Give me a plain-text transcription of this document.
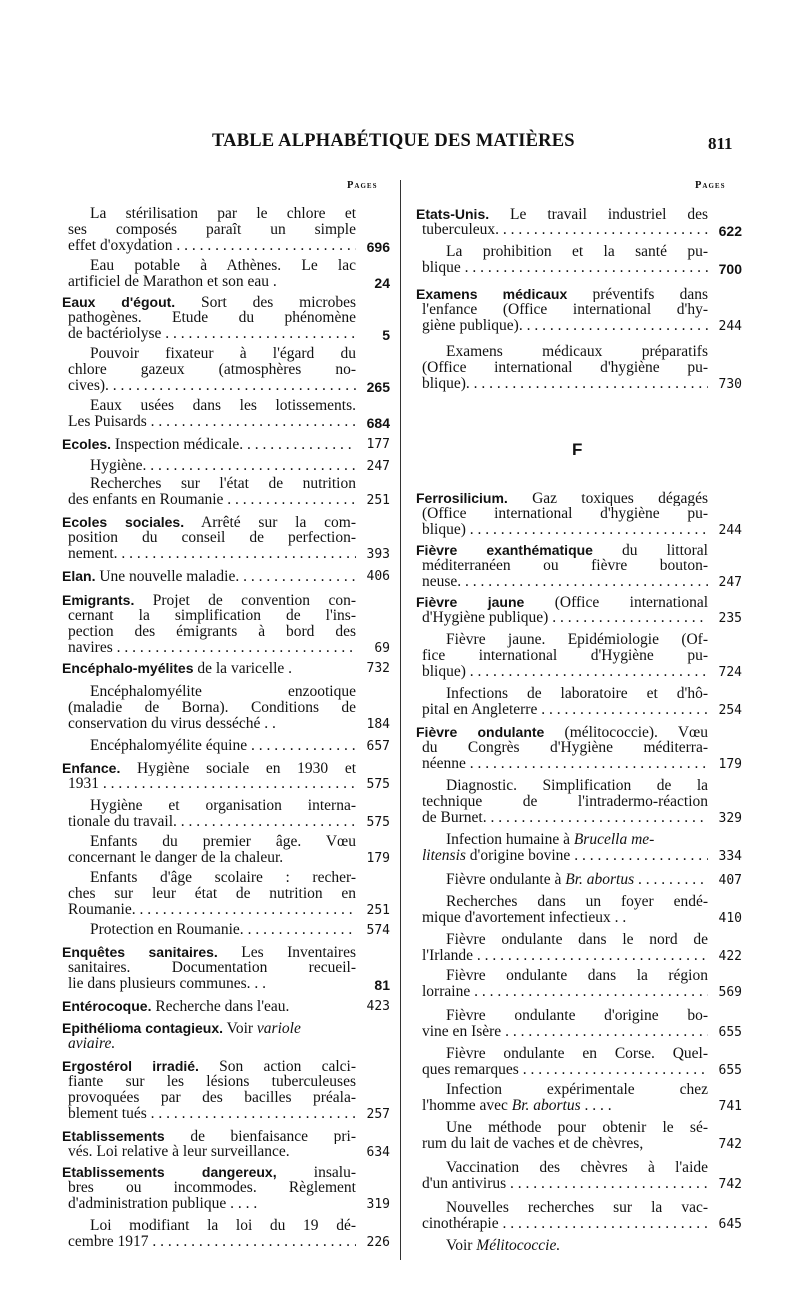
TABLE ALPHABÉTIQUE DES MATIÈRES	811
Pages	Pages
F
La stérilisation par le chlore et
ses composés paraît un simple
effet d'oxydation . . .	696
Eau potable à Athènes. Le lac
artificiel de Marathon et son eau .	24
Eaux d'égout. Sort des microbes
pathogènes. Etude du phénomène
de bactériolyse . . .	5
Pouvoir fixateur à l'égard du
chlore gazeux (atmosphères no-
cives). . . .	265
Eaux usées dans les lotissements.
Les Puisards . . .	684
Ecoles. Inspection médicale. . . .	177
Hygiène. . . .	247
Recherches sur l'état de nutrition
des enfants en Roumanie . . .	251
Ecoles sociales. Arrêté sur la com-
position du conseil de perfection-
nement. . . .	393
Elan. Une nouvelle maladie. . . .	406
Emigrants. Projet de convention con-
cernant la simplification de l'ins-
pection des émigrants à bord des
navires . . .	69
Encéphalo-myélites de la varicelle .	732
Encéphalomyélite enzootique
(maladie de Borna). Conditions de
conservation du virus desséché . .	184
Encéphalomyélite équine . . .	657
Enfance. Hygiène sociale en 1930 et
1931 . . .	575
Hygiène et organisation interna-
tionale du travail. . . .	575
Enfants du premier âge. Vœu
concernant le danger de la chaleur.	179
Enfants d'âge scolaire : recher-
ches sur leur état de nutrition en
Roumanie. . . .	251
Protection en Roumanie. . . .	574
Enquêtes sanitaires. Les Inventaires
sanitaires. Documentation recueil-
lie dans plusieurs communes. . .	81
Entérocoque. Recherche dans l'eau.	423
Epithélioma contagieux. Voir variole
aviaire.
Ergostérol irradié. Son action calci-
fiante sur les lésions tuberculeuses
provoquées par des bacilles préala-
blement tués . . .	257
Etablissements de bienfaisance pri-
vés. Loi relative à leur surveillance.	634
Etablissements dangereux, insalu-
bres ou incommodes. Règlement
d'administration publique . . . .	319
Loi modifiant la loi du 19 dé-
cembre 1917 . . .	226
Etats-Unis. Le travail industriel des
tuberculeux. . . .	622
La prohibition et la santé pu-
blique . . .	700
Examens médicaux préventifs dans
l'enfance (Office international d'hy-
giène publique). . . .	244
Examens médicaux préparatifs
(Office international d'hygiène pu-
blique). . . .	730
Ferrosilicium. Gaz toxiques dégagés
(Office international d'hygiène pu-
blique) . . .	244
Fièvre exanthématique du littoral
méditerranéen ou fièvre bouton-
neuse. . . .	247
Fièvre jaune (Office international
d'Hygiène publique) . . .	235
Fièvre jaune. Epidémiologie (Of-
fice international d'Hygiène pu-
blique) . . .	724
Infections de laboratoire et d'hô-
pital en Angleterre . . .	254
Fièvre ondulante (mélitococcie). Vœu
du Congrès d'Hygiène méditerra-
néenne . . .	179
Diagnostic. Simplification de la
technique de l'intradermo-réaction
de Burnet. . . .	329
Infection humaine à Brucella me-
litensis d'origine bovine . . .	334
Fièvre ondulante à Br. abortus . . .	407
Recherches dans un foyer endé-
mique d'avortement infectieux . .	410
Fièvre ondulante dans le nord de
l'Irlande . . .	422
Fièvre ondulante dans la région
lorraine . . .	569
Fièvre ondulante d'origine bo-
vine en Isère . . .	655
Fièvre ondulante en Corse. Quel-
ques remarques . . .	655
Infection expérimentale chez
l'homme avec Br. abortus . . . .	741
Une méthode pour obtenir le sé-
rum du lait de vaches et de chèvres,	742
Vaccination des chèvres à l'aide
d'un antivirus . . .	742
Nouvelles recherches sur la vac-
cinothérapie . . .	645
Voir Mélitococcie.
